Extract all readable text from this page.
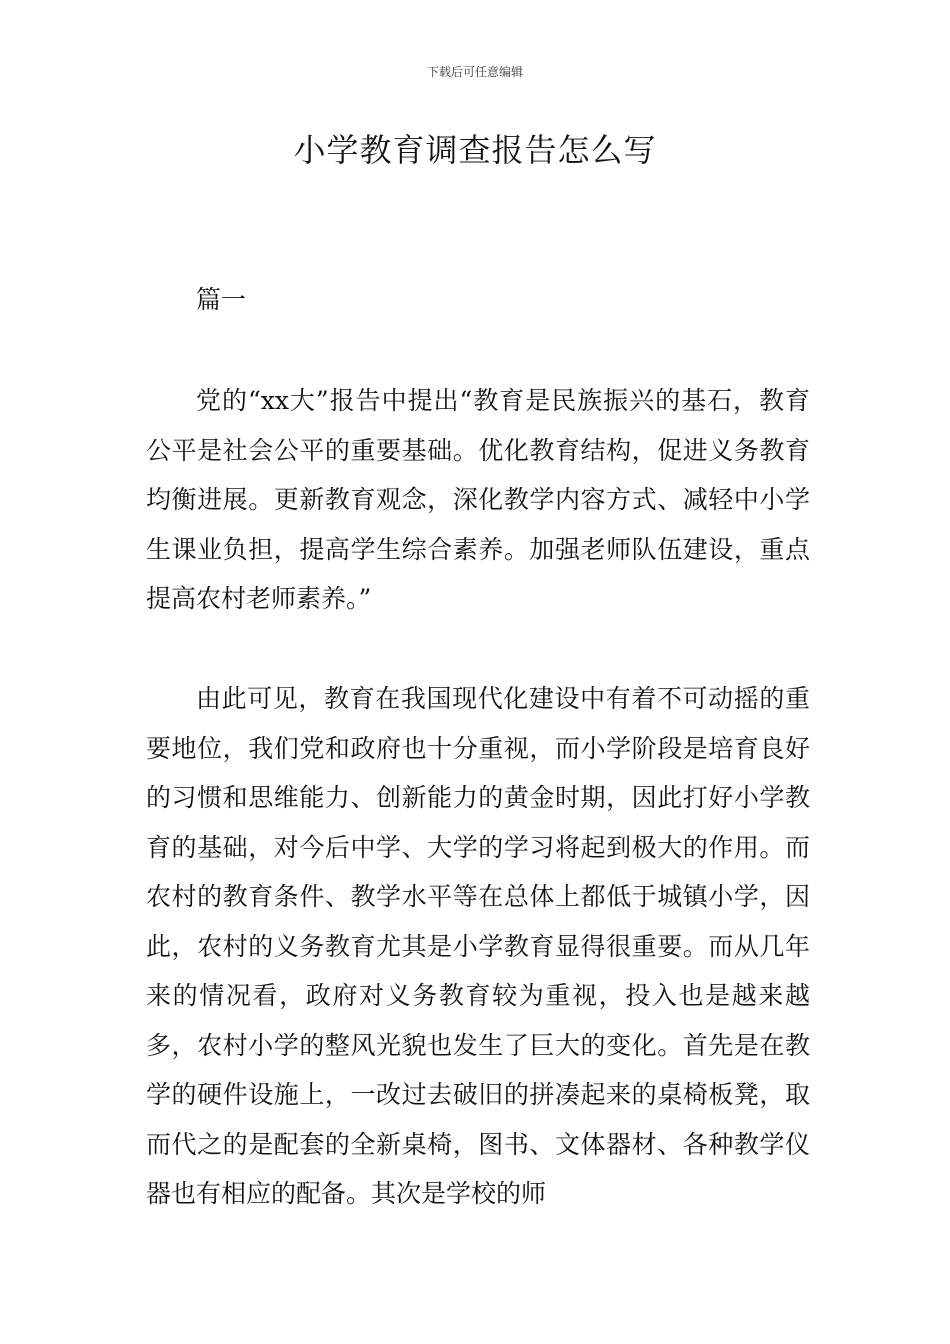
下载后可任意编辑
小学教育调查报告怎么写
篇一

党的“xx大”报告中提出“教育是民族振兴的基石，教育公平是社会公平的重要基础。优化教育结构，促进义务教育均衡进展。更新教育观念，深化教学内容方式、减轻中小学生课业负担，提高学生综合素养。加强老师队伍建设，重点提高农村老师素养。”

由此可见，教育在我国现代化建设中有着不可动摇的重要地位，我们党和政府也十分重视，而小学阶段是培育良好的习惯和思维能力、创新能力的黄金时期，因此打好小学教育的基础，对今后中学、大学的学习将起到极大的作用。而农村的教育条件、教学水平等在总体上都低于城镇小学，因此，农村的义务教育尤其是小学教育显得很重要。而从几年来的情况看，政府对义务教育较为重视，投入也是越来越多，农村小学的整风光貌也发生了巨大的变化。首先是在教学的硬件设施上，一改过去破旧的拼凑起来的桌椅板凳，取而代之的是配套的全新桌椅，图书、文体器材、各种教学仪器也有相应的配备。其次是学校的师
